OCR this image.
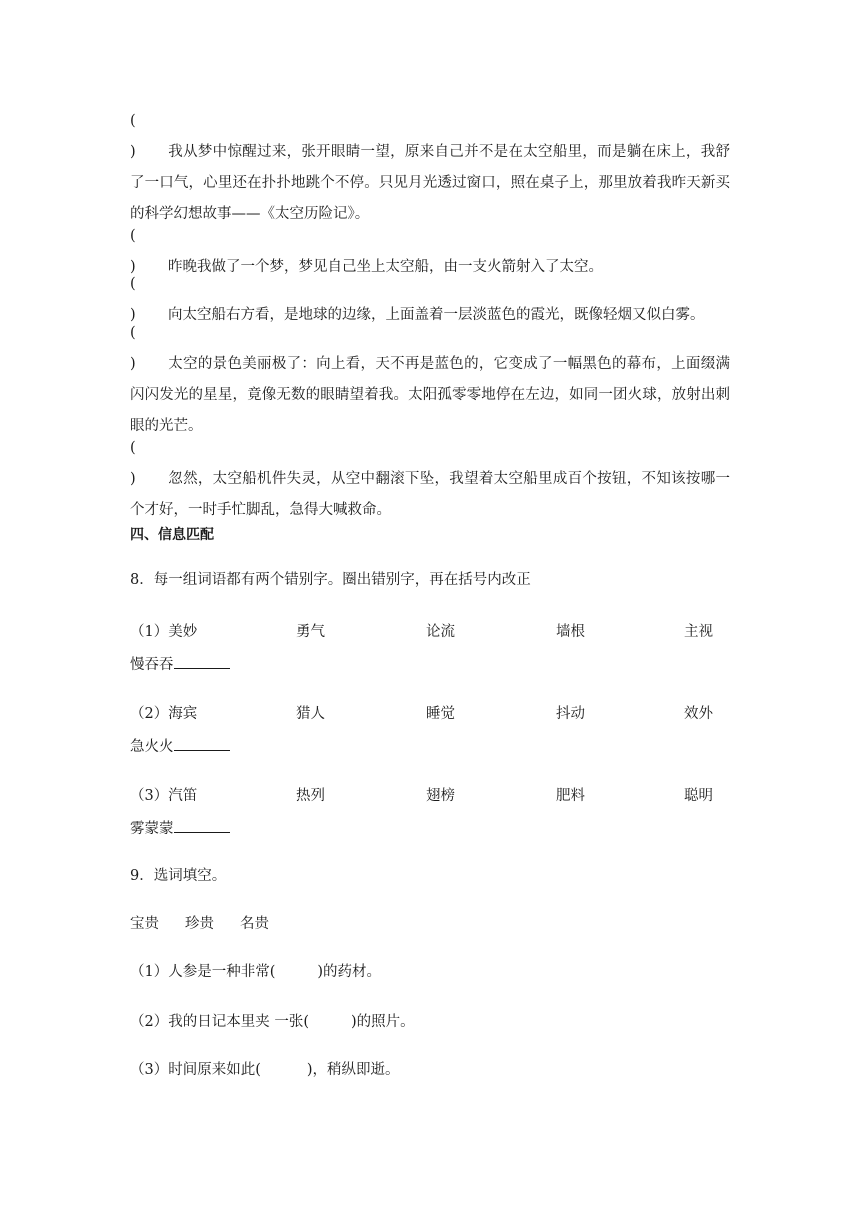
() 我从梦中惊醒过来，张开眼睛一望，原来自己并不是在太空船里，而是躺在床上，我舒了一口气，心里还在扑扑地跳个不停。只见月光透过窗口，照在桌子上，那里放着我昨天新买的科学幻想故事——《太空历险记》。

() 昨晚我做了一个梦，梦见自己坐上太空船，由一支火箭射入了太空。

() 向太空船右方看，是地球的边缘，上面盖着一层淡蓝色的霞光，既像轻烟又似白雾。

() 太空的景色美丽极了：向上看，天不再是蓝色的，它变成了一幅黑色的幕布，上面缀满闪闪发光的星星，竟像无数的眼睛望着我。太阳孤零零地停在左边，如同一团火球，放射出刺眼的光芒。

() 忽然，太空船机件失灵，从空中翻滚下坠，我望着太空船里成百个按钮，不知该按哪一个才好，一时手忙脚乱，急得大喊救命。

四、信息匹配

8．每一组词语都有两个错别字。圈出错别字，再在括号内改正

（1）美妙	勇气	论流	墙根	主视

慢吞吞

（2）海宾	猎人	睡觉	抖动	效外

急火火

（3）汽笛	热列	翅榜	肥料	聪明

雾蒙蒙

9．选词填空。

宝贵 珍贵 名贵

（1）人参是一种非常(	)的药材。

（2）我的日记本里夹 一张(	)的照片。

（3）时间原来如此(	)，稍纵即逝。
